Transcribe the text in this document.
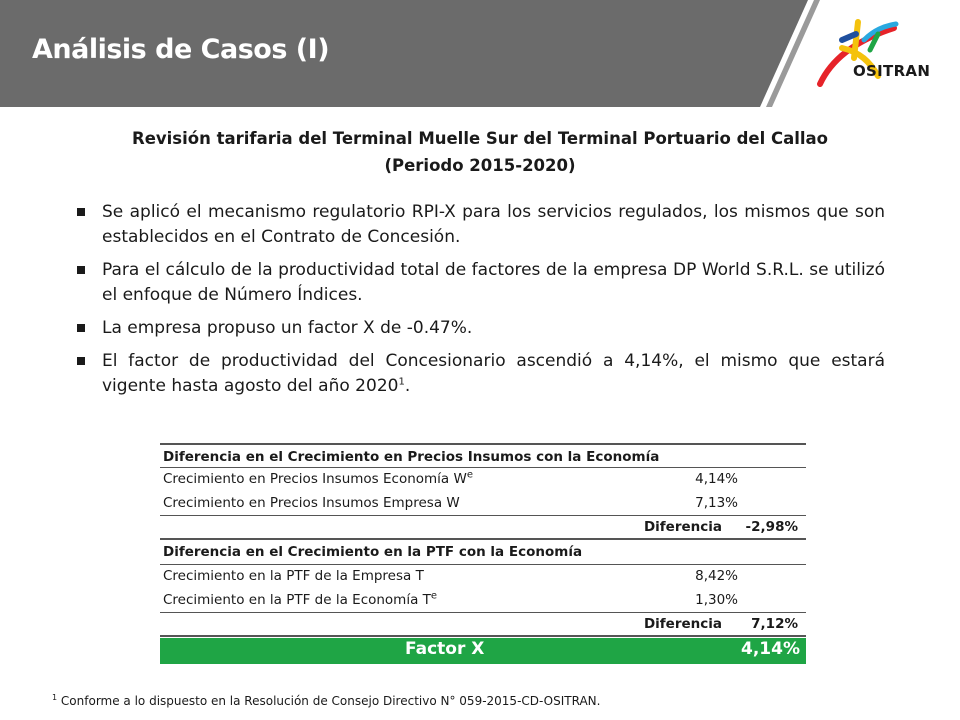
Análisis de Casos (I)
OSITRAN
Revisión tarifaria del Terminal Muelle Sur del Terminal Portuario del Callao
(Periodo 2015-2020)
Se aplicó el mecanismo regulatorio RPI-X para los servicios regulados, los mismos que son establecidos en el Contrato de Concesión.
Para el cálculo de la productividad total de factores de la empresa DP World S.R.L. se utilizó el enfoque de Número Índices.
La empresa propuso un factor X de -0.47%.
El factor de productividad del Concesionario ascendió a 4,14%, el mismo que estará vigente hasta agosto del año 2020$^1$.
Diferencia en el Crecimiento en Precios Insumos con la Economía
Crecimiento en Precios Insumos Economía $W^e$	4,14%
Crecimiento en Precios Insumos Empresa W	7,13%
Diferencia -2,98%
Diferencia en el Crecimiento en la PTF con la Economía
Crecimiento en la PTF de la Empresa T	8,42%
Crecimiento en la PTF de la Economía $T^e$	1,30%
Diferencia 7,12%
Factor X	4,14%
$^1$ Conforme a lo dispuesto en la Resolución de Consejo Directivo N° 059-2015-CD-OSITRAN.
